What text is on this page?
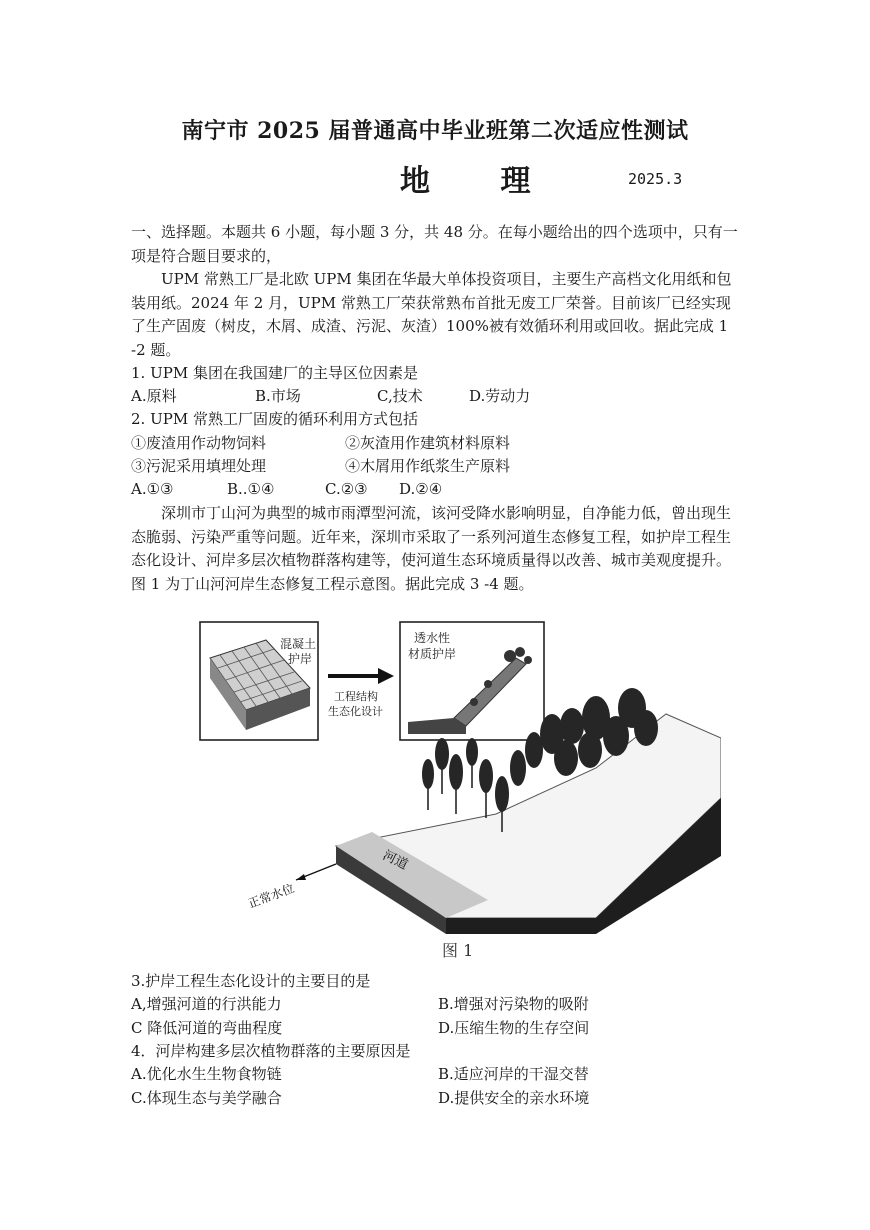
南宁市 2025 届普通高中毕业班第二次适应性测试
地 理	2025.3

一、选择题。本题共 6 小题，每小题 3 分，共 48 分。在每小题给出的四个选项中，只有一项是符合题目要求的，

UPM 常熟工厂是北欧 UPM 集团在华最大单体投资项目，主要生产高档文化用纸和包装用纸。2024 年 2 月，UPM 常熟工厂荣获常熟布首批无废工厂荣誉。目前该厂已经实现了生产固废（树皮，木屑、成渣、污泥、灰渣）100%被有效循环利用或回收。据此完成 1 -2 题。

1. UPM 集团在我国建厂的主导区位因素是
A.原料	B.市场	C,技术	D.劳动力
2. UPM 常熟工厂固废的循环利用方式包括
①废渣用作动物饲料	②灰渣用作建筑材料原料
③污泥采用填埋处理	④木屑用作纸浆生产原料
A.①③	B..①④	C.②③ D.②④

深圳市丁山河为典型的城市雨潭型河流，该河受降水影响明显，自净能力低，曾出现生态脆弱、污染严重等问题。近年来，深圳市采取了一系列河道生态修复工程，如护岸工程生态化设计、河岸多层次植物群落构建等，使河道生态环境质量得以改善、城市美观度提升。图 1 为丁山河河岸生态修复工程示意图。据此完成 3 -4 题。

混凝土
护岸
工程结构
生态化设计
透水性
材质护岸
河道
正常水位
图 1
3.护岸工程生态化设计的主要目的是
A,增强河道的行洪能力	B.增强对污染物的吸附
C 降低河道的弯曲程度	D.压缩生物的生存空间
4．河岸构建多层次植物群落的主要原因是
A.优化水生生物食物链	B.适应河岸的干湿交替
C.体现生态与美学融合	D.提供安全的亲水环境
